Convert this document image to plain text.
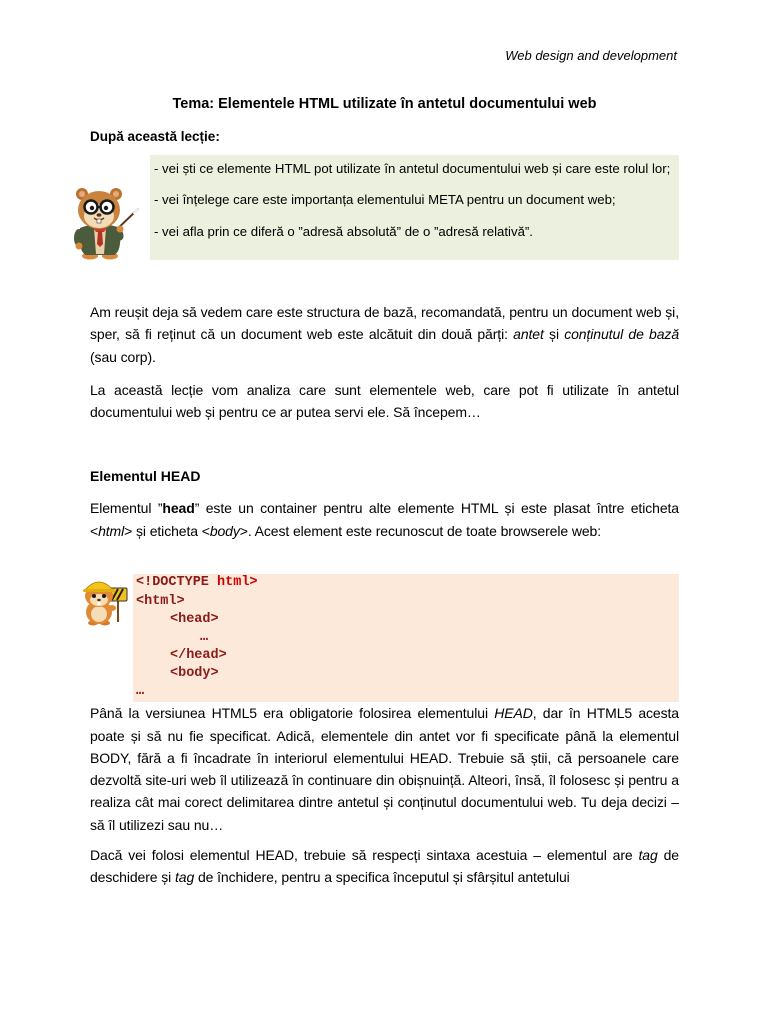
Web design and development
Tema: Elementele HTML utilizate în antetul documentului web
După această lecție:
- vei ști ce elemente HTML pot utilizate în antetul documentului web și care este rolul lor;
- vei înțelege care este importanța elementului META pentru un document web;
- vei afla prin ce diferă o ”adresă absolută” de o ”adresă relativă”.

Am reușit deja să vedem care este structura de bază, recomandată, pentru un document web și, sper, să fi reținut că un document web este alcătuit din două părți: antet și conținutul de bază (sau corp).

La această lecție vom analiza care sunt elementele web, care pot fi utilizate în antetul documentului web și pentru ce ar putea servi ele. Să începem…

Elementul HEAD

Elementul ”head” este un container pentru alte elemente HTML și este plasat între eticheta <html> și eticheta <body>. Acest element este recunoscut de toate browserele web:

<!DOCTYPE html>
<html>
<head>
…
</head>
<body>
…

Până la versiunea HTML5 era obligatorie folosirea elementului HEAD, dar în HTML5 acesta poate și să nu fie specificat. Adică, elementele din antet vor fi specificate până la elementul BODY, fără a fi încadrate în interiorul elementului HEAD. Trebuie să știi, că persoanele care dezvoltă site-uri web îl utilizează în continuare din obișnuință. Alteori, însă, îl folosesc și pentru a realiza cât mai corect delimitarea dintre antetul și conținutul documentului web. Tu deja decizi – să îl utilizezi sau nu…

Dacă vei folosi elementul HEAD, trebuie să respecți sintaxa acestuia – elementul are tag de deschidere și tag de închidere, pentru a specifica începutul și sfârșitul antetului
